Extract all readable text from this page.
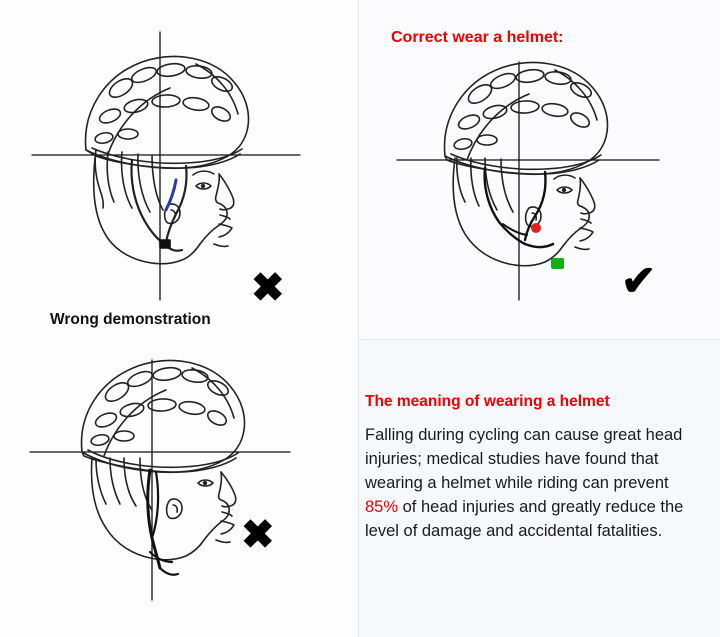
✖
Wrong demonstration
✖
Correct wear a helmet:
✔
The meaning of wearing a helmet
Falling during cycling can cause great head injuries; medical studies have found that wearing a helmet while riding can prevent 85% of head injuries and greatly reduce the level of damage and accidental fatalities.
